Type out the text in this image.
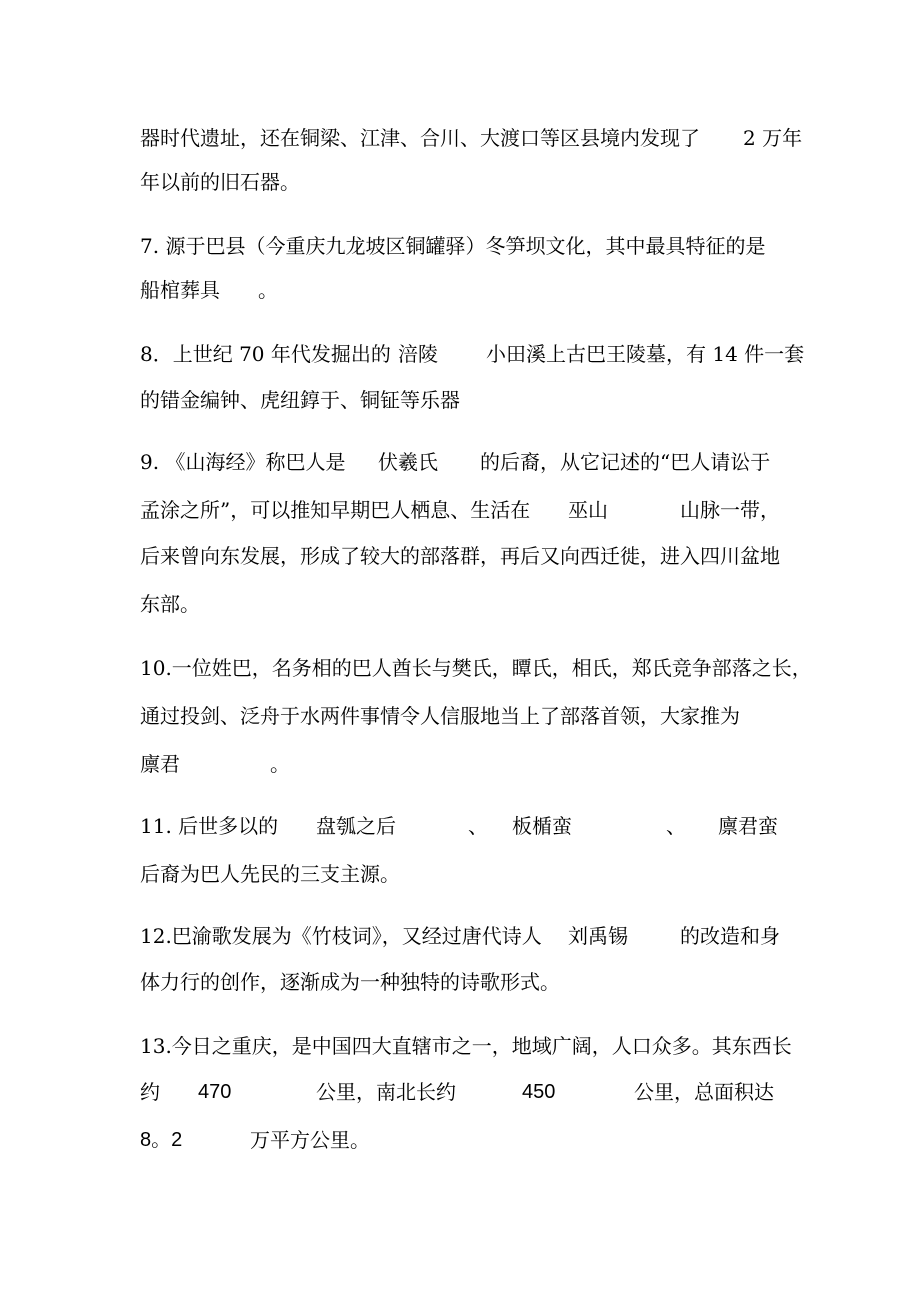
器时代遗址，还在铜梁、江津、合川、大渡口等区县境内发现了 2 万年
年以前的旧石器。
7. 源于巴县（今重庆九龙坡区铜罐驿）冬笋坝文化，其中最具特征的是
船棺葬具 。
8．上世纪 70 年代发掘出的 涪陵 小田溪上古巴王陵墓，有 14 件一套
的错金编钟、虎纽錞于、铜钲等乐器
9. 《山海经》称巴人是 伏羲氏 的后裔，从它记述的“巴人请讼于
孟涂之所”，可以推知早期巴人栖息、生活在 巫山	山脉一带，
后来曾向东发展，形成了较大的部落群，再后又向西迁徙，进入四川盆地
东部。
10.一位姓巴，名务相的巴人酋长与樊氏，瞫氏，相氏，郑氏竞争部落之长，
通过投剑、泛舟于水两件事情令人信服地当上了部落首领，大家推为
廪君	。
11. 后世多以的 盘瓠之后	、 板楯蛮	、 廪君蛮
后裔为巴人先民的三支主源。
12.巴渝歌发展为《竹枝词》，又经过唐代诗人 刘禹锡	的改造和身
体力行的创作，逐渐成为一种独特的诗歌形式。
13.今日之重庆，是中国四大直辖市之一，地域广阔，人口众多。其东西长
约 470	公里，南北长约	450	公里，总面积达
8。2	万平方公里。
